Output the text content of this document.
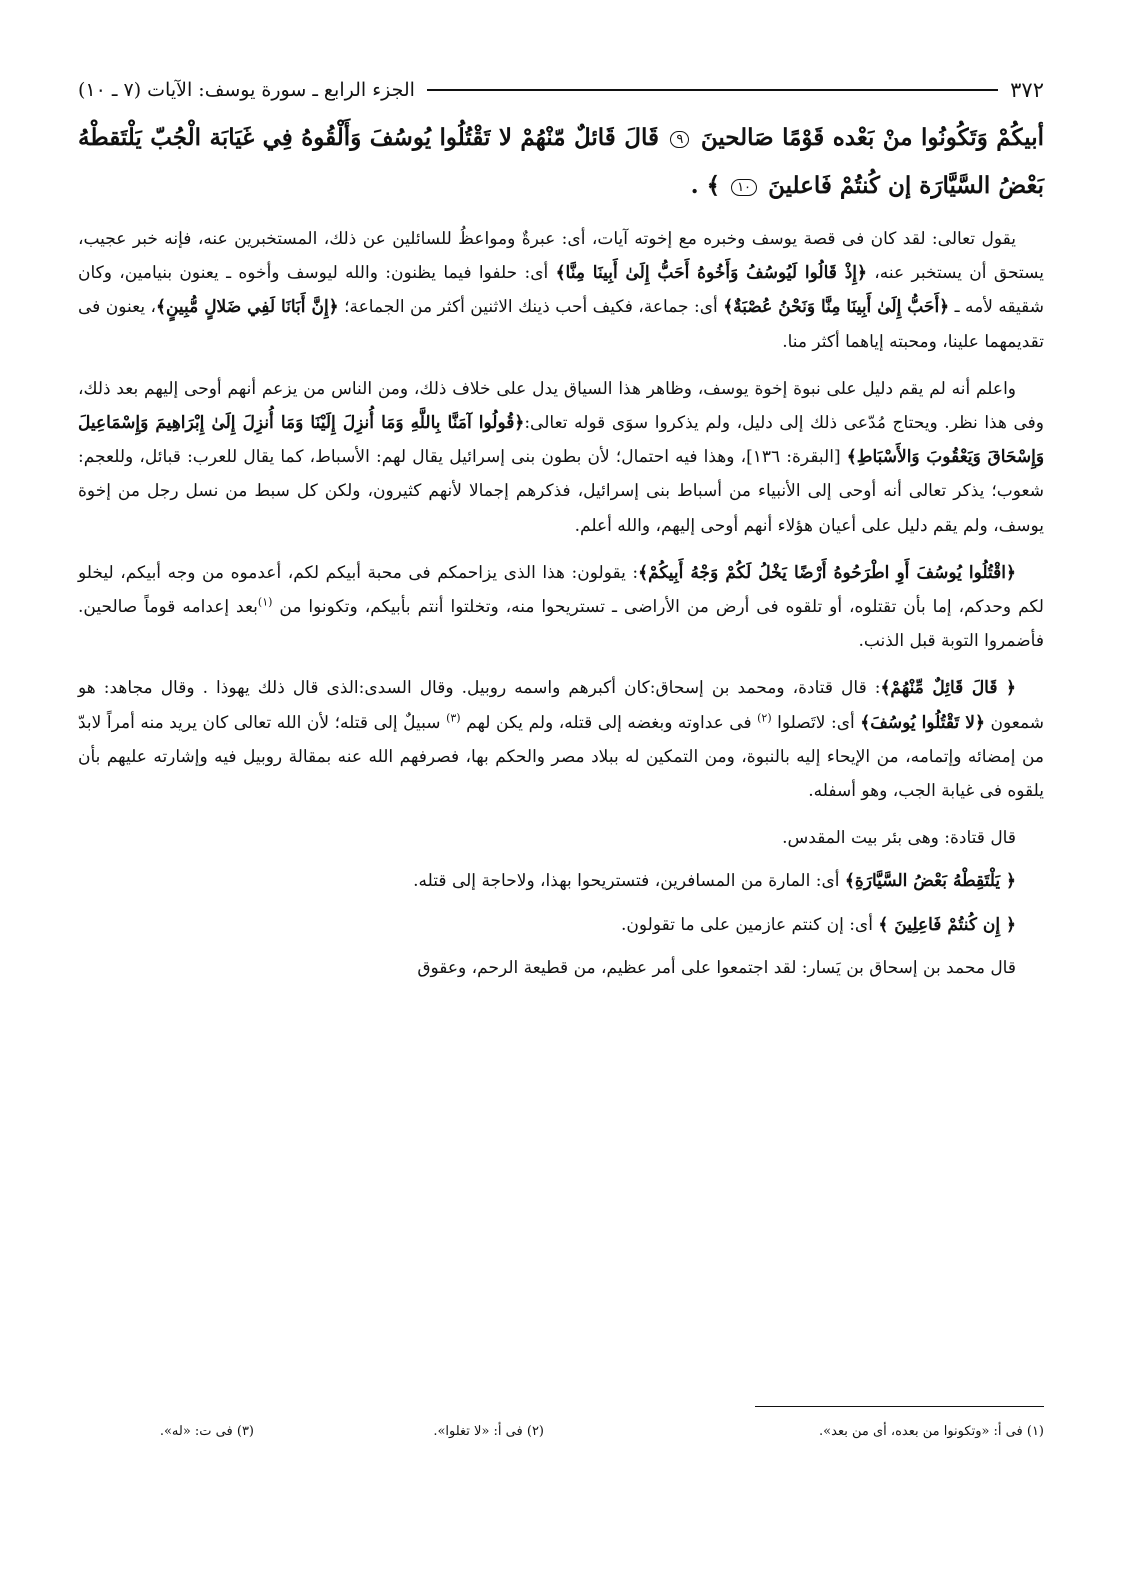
٣٧٢
الجزء الرابع ـ سورة يوسف: الآيات (٧ ـ ١٠)

أبيكُمْ وَتَكُونُوا منْ بَعْده قَوْمًا صَالحينَ ٩ قَالَ قَائلٌ مّنْهُمْ لا تَقْتُلُوا يُوسُفَ وَأَلْقُوهُ فِي غَيَابَة الْجُبّ يَلْتَقطْهُ بَعْضُ السَّيَّارَة إن كُنتُمْ فَاعلينَ ١٠ ﴾ .

يقول تعالى: لقد كان فى قصة يوسف وخبره مع إخوته آيات، أى: عبرةٌ ومواعظُ للسائلين عن ذلك، المستخبرين عنه، فإنه خبر عجيب، يستحق أن يستخبر عنه، ﴿إِذْ قَالُوا لَيُوسُفُ وَأَخُوهُ أَحَبُّ إِلَىٰ أَبِينَا مِنَّا﴾ أى: حلفوا فيما يظنون: والله ليوسف وأخوه ـ يعنون بنيامين، وكان شقيقه لأمه ـ ﴿أَحَبُّ إِلَىٰ أَبِينَا مِنَّا وَنَحْنُ عُصْبَةٌ﴾ أى: جماعة، فكيف أحب ذينك الاثنين أكثر من الجماعة؛ ﴿إِنَّ أَبَانَا لَفِي ضَلالٍ مُّبِينٍ﴾، يعنون فى تقديمهما علينا، ومحبته إياهما أكثر منا.

واعلم أنه لم يقم دليل على نبوة إخوة يوسف، وظاهر هذا السياق يدل على خلاف ذلك، ومن الناس من يزعم أنهم أوحى إليهم بعد ذلك، وفى هذا نظر. ويحتاج مُدّعى ذلك إلى دليل، ولم يذكروا سوَى قوله تعالى:﴿قُولُوا آمَنَّا بِاللَّهِ وَمَا أُنزِلَ إِلَيْنَا وَمَا أُنزِلَ إِلَىٰ إِبْرَاهِيمَ وَإِسْمَاعِيلَ وَإِسْحَاقَ وَيَعْقُوبَ وَالأَسْبَاطِ﴾ [البقرة: ١٣٦]، وهذا فيه احتمال؛ لأن بطون بنى إسرائيل يقال لهم: الأسباط، كما يقال للعرب: قبائل، وللعجم: شعوب؛ يذكر تعالى أنه أوحى إلى الأنبياء من أسباط بنى إسرائيل، فذكرهم إجمالا لأنهم كثيرون، ولكن كل سبط من نسل رجل من إخوة يوسف، ولم يقم دليل على أعيان هؤلاء أنهم أوحى إليهم، والله أعلم.

﴿اقْتُلُوا يُوسُفَ أَوِ اطْرَحُوهُ أَرْضًا يَخْلُ لَكُمْ وَجْهُ أَبِيكُمْ﴾: يقولون: هذا الذى يزاحمكم فى محبة أبيكم لكم، أعدموه من وجه أبيكم، ليخلو لكم وحدكم، إما بأن تقتلوه، أو تلقوه فى أرض من الأراضى ـ تستريحوا منه، وتخلتوا أنتم بأبيكم، وتكونوا من $^{(١)}$بعد إعدامه قوماً صالحين. فأضمروا التوبة قبل الذنب.

﴿ قَالَ قَائِلٌ مِّنْهُمْ﴾: قال قتادة، ومحمد بن إسحاق:كان أكبرهم واسمه روبيل. وقال السدى:الذى قال ذلك يهوذا . وقال مجاهد: هو شمعون ﴿لا تَقْتُلُوا يُوسُفَ﴾ أى: لاتَصلوا $^{(٢)}$ فى عداوته وبغضه إلى قتله، ولم يكن لهم $^{(٣)}$ سبيلٌ إلى قتله؛ لأن الله تعالى كان يريد منه أمراً لابدّ من إمضائه وإتمامه، من الإيحاء إليه بالنبوة، ومن التمكين له ببلاد مصر والحكم بها، فصرفهم الله عنه بمقالة روبيل فيه وإشارته عليهم بأن يلقوه فى غيابة الجب، وهو أسفله.

قال قتادة: وهى بئر بيت المقدس.

﴿ يَلْتَقِطْهُ بَعْضُ السَّيَّارَةِ﴾ أى: المارة من المسافرين، فتستريحوا بهذا، ولاحاجة إلى قتله.

﴿ إِن كُنتُمْ فَاعِلِينَ ﴾ أى: إن كنتم عازمين على ما تقولون.

قال محمد بن إسحاق بن يَسار: لقد اجتمعوا على أمر عظيم، من قطيعة الرحم، وعقوق

(١) فى أ: «وتكونوا من بعده، أى من بعد».
(٢) فى أ: «لا تغلوا».
(٣) فى ت: «له».
